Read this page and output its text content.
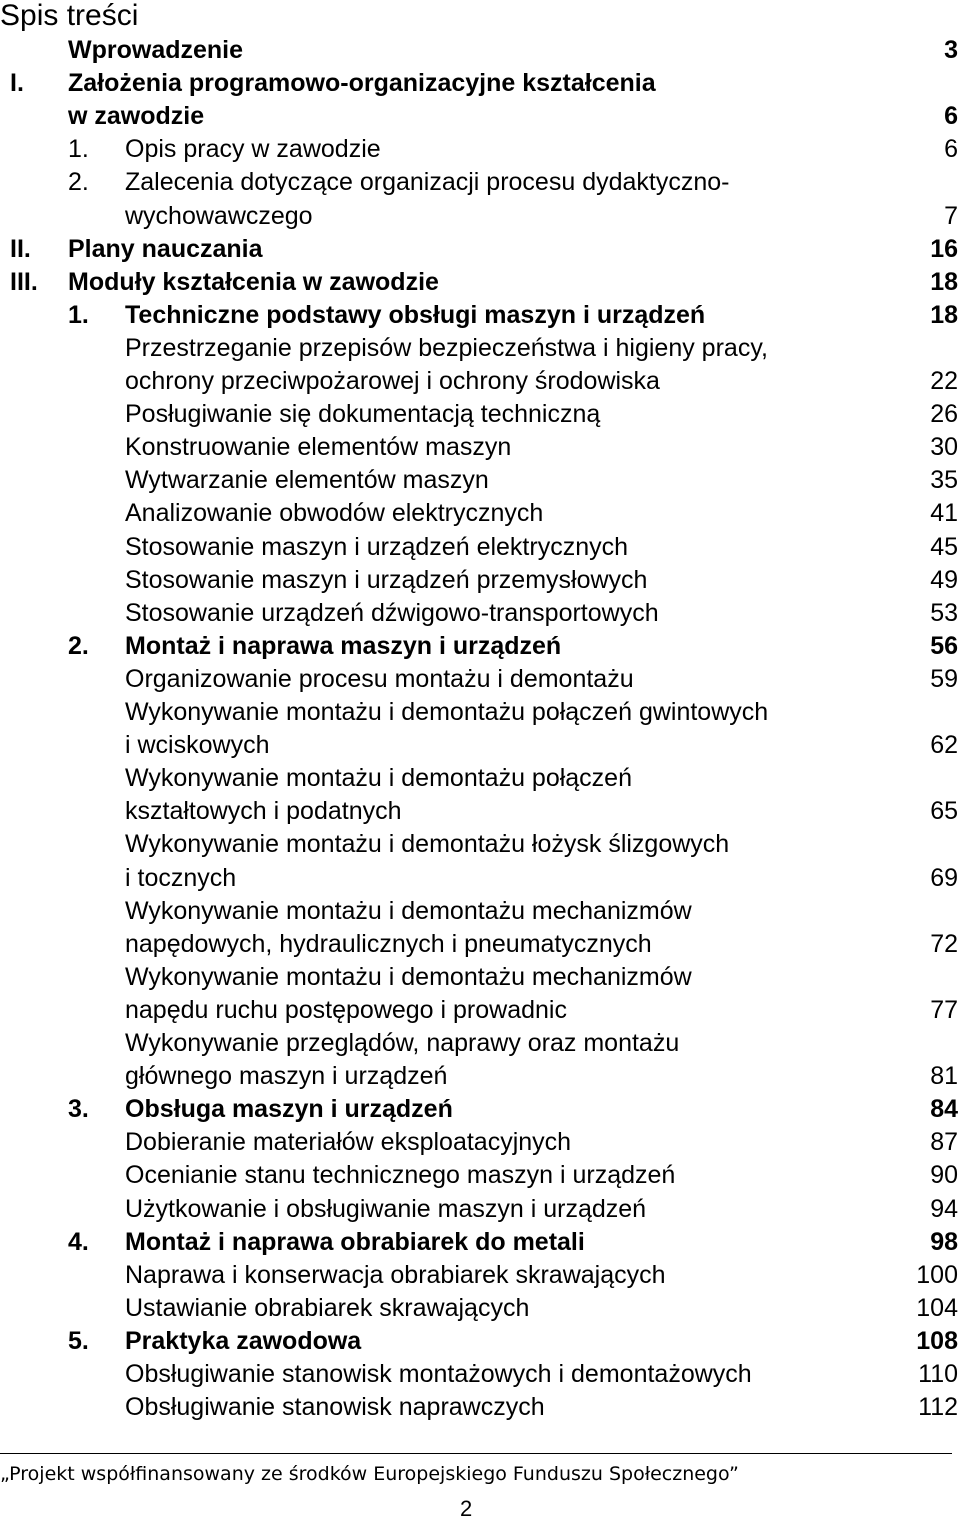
Spis treści
Wprowadzenie	3
I. Założenia programowo-organizacyjne kształcenia
w zawodzie	6
1. Opis pracy w zawodzie	6
2. Zalecenia dotyczące organizacji procesu dydaktyczno-
wychowawczego	7
II. Plany nauczania	16
III. Moduły kształcenia w zawodzie	18
1. Techniczne podstawy obsługi maszyn i urządzeń	18
Przestrzeganie przepisów bezpieczeństwa i higieny pracy,
ochrony przeciwpożarowej i ochrony środowiska	22
Posługiwanie się dokumentacją techniczną	26
Konstruowanie elementów maszyn	30
Wytwarzanie elementów maszyn	35
Analizowanie obwodów elektrycznych	41
Stosowanie maszyn i urządzeń elektrycznych	45
Stosowanie maszyn i urządzeń przemysłowych	49
Stosowanie urządzeń dźwigowo-transportowych	53
2. Montaż i naprawa maszyn i urządzeń	56
Organizowanie procesu montażu i demontażu	59
Wykonywanie montażu i demontażu połączeń gwintowych
i wciskowych	62
Wykonywanie montażu i demontażu połączeń
kształtowych i podatnych	65
Wykonywanie montażu i demontażu łożysk ślizgowych
i tocznych	69
Wykonywanie montażu i demontażu mechanizmów
napędowych, hydraulicznych i pneumatycznych	72
Wykonywanie montażu i demontażu mechanizmów
napędu ruchu postępowego i prowadnic	77
Wykonywanie przeglądów, naprawy oraz montażu
głównego maszyn i urządzeń	81
3. Obsługa maszyn i urządzeń	84
Dobieranie materiałów eksploatacyjnych	87
Ocenianie stanu technicznego maszyn i urządzeń	90
Użytkowanie i obsługiwanie maszyn i urządzeń	94
4. Montaż i naprawa obrabiarek do metali	98
Naprawa i konserwacja obrabiarek skrawających	100
Ustawianie obrabiarek skrawających	104
5. Praktyka zawodowa	108
Obsługiwanie stanowisk montażowych i demontażowych	110
Obsługiwanie stanowisk naprawczych	112
„Projekt współfinansowany ze środków Europejskiego Funduszu Społecznego”
2
